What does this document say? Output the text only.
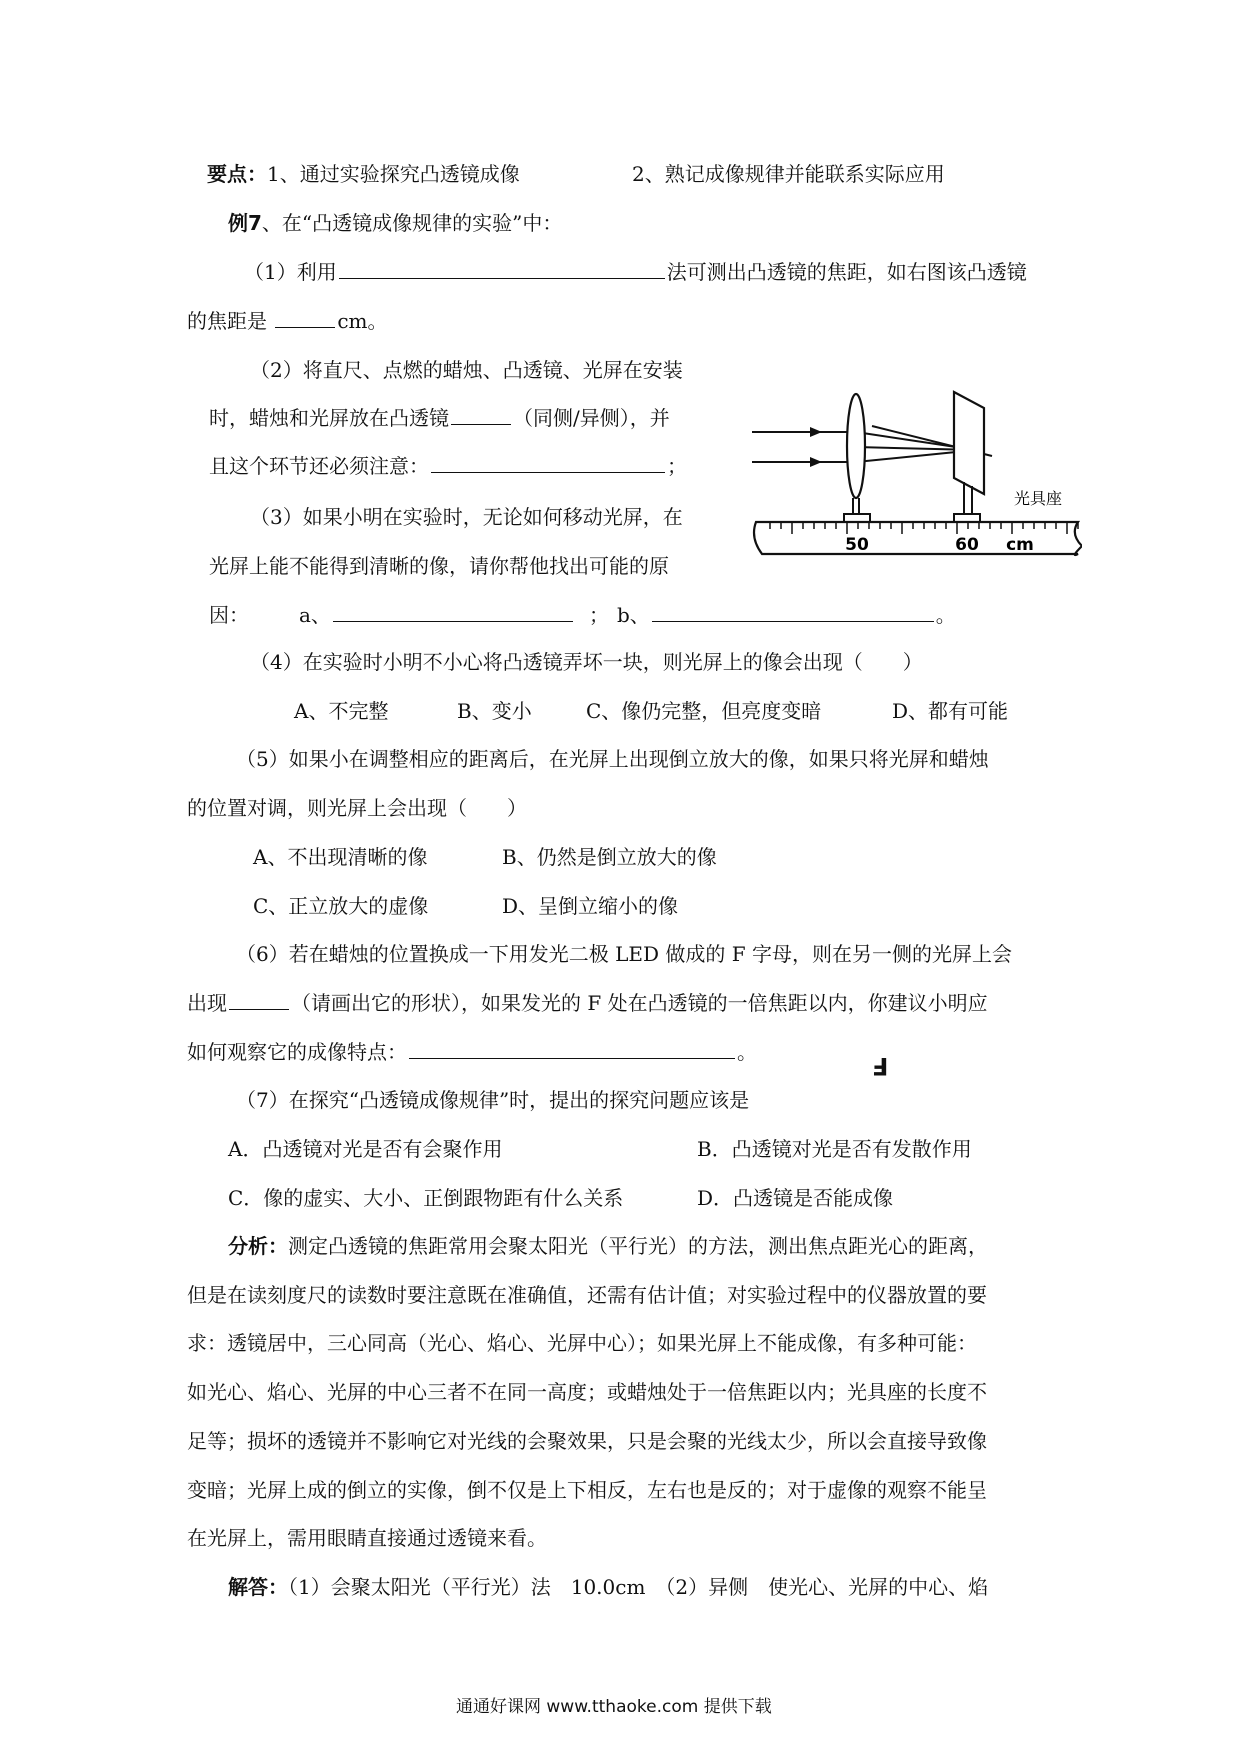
要点：1、通过实验探究凸透镜成像	2、熟记成像规律并能联系实际应用
例7、在“凸透镜成像规律的实验”中：
（1）利用	法可测出凸透镜的焦距，如右图该凸透镜
的焦距是	cm。
（2）将直尺、点燃的蜡烛、凸透镜、光屏在安装
时，蜡烛和光屏放在凸透镜	（同侧/异侧），并
且这个环节还必须注意：	；
（3）如果小明在实验时，无论如何移动光屏，在
光屏上能不能得到清晰的像，请你帮他找出可能的原
因：	a、	； b、	。
（4）在实验时小明不小心将凸透镜弄坏一块，则光屏上的像会出现（　　）
A、不完整	B、变小	C、像仍完整，但亮度变暗	D、都有可能
（5）如果小在调整相应的距离后，在光屏上出现倒立放大的像，如果只将光屏和蜡烛
的位置对调，则光屏上会出现（　　）
A、不出现清晰的像	B、仍然是倒立放大的像
C、正立放大的虚像	D、呈倒立缩小的像
（6）若在蜡烛的位置换成一下用发光二极 LED 做成的 F 字母，则在另一侧的光屏上会
出现	（请画出它的形状），如果发光的 F 处在凸透镜的一倍焦距以内，你建议小明应
如何观察它的成像特点：	。	F
（7）在探究“凸透镜成像规律”时，提出的探究问题应该是
A．凸透镜对光是否有会聚作用	B．凸透镜对光是否有发散作用
C．像的虚实、大小、正倒跟物距有什么关系	D．凸透镜是否能成像
分析：测定凸透镜的焦距常用会聚太阳光（平行光）的方法，测出焦点距光心的距离，
但是在读刻度尺的读数时要注意既在准确值，还需有估计值；对实验过程中的仪器放置的要
求：透镜居中，三心同高（光心、焰心、光屏中心）；如果光屏上不能成像，有多种可能：
如光心、焰心、光屏的中心三者不在同一高度；或蜡烛处于一倍焦距以内；光具座的长度不
足等；损坏的透镜并不影响它对光线的会聚效果，只是会聚的光线太少，所以会直接导致像
变暗；光屏上成的倒立的实像，倒不仅是上下相反，左右也是反的；对于虚像的观察不能呈
在光屏上，需用眼睛直接通过透镜来看。
解答：（1）会聚太阳光（平行光）法　10.0cm　（2）异侧　使光心、光屏的中心、焰
光具座
50	60 cm
通通好课网 www.tthaoke.com 提供下载
